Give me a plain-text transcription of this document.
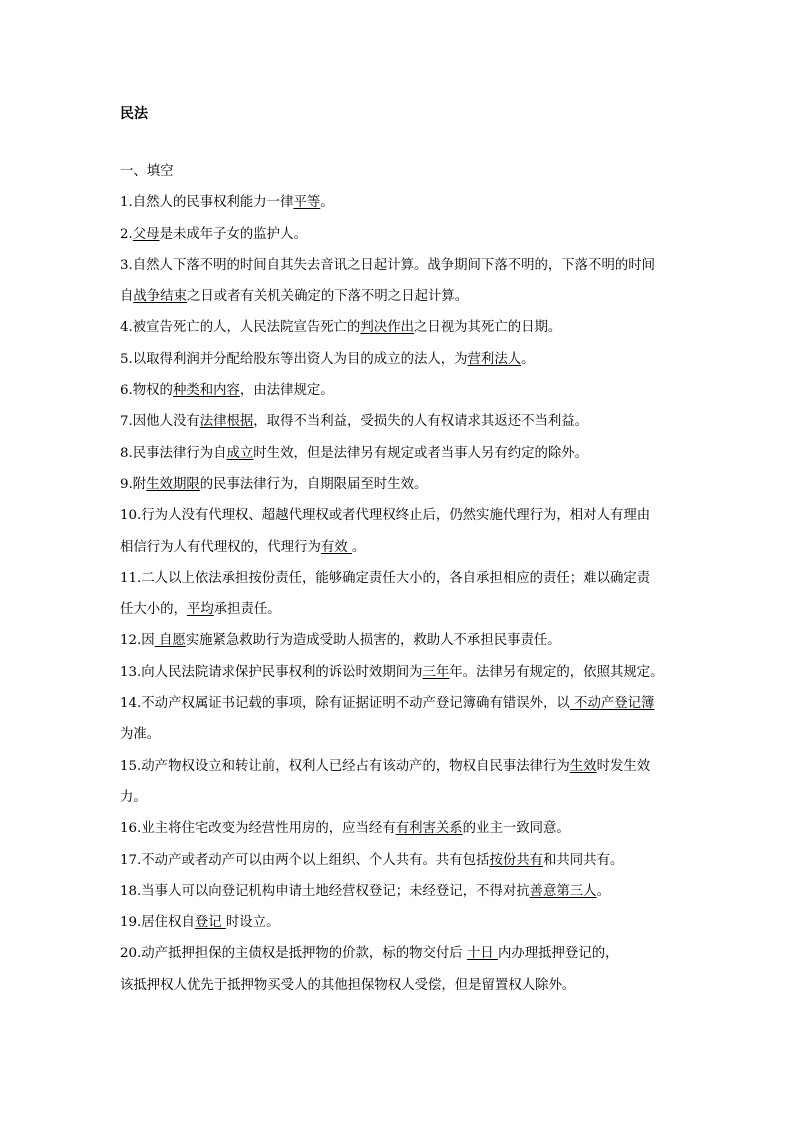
民法

一、填空

1.自然人的民事权利能力一律平等。

2.父母是未成年子女的监护人。

3.自然人下落不明的时间自其失去音讯之日起计算。战争期间下落不明的，下落不明的时间

自战争结束之日或者有关机关确定的下落不明之日起计算。

4.被宣告死亡的人，人民法院宣告死亡的判决作出之日视为其死亡的日期。

5.以取得利润并分配给股东等出资人为目的成立的法人，为营利法人。

6.物权的种类和内容，由法律规定。

7.因他人没有法律根据，取得不当利益，受损失的人有权请求其返还不当利益。

8.民事法律行为自成立时生效，但是法律另有规定或者当事人另有约定的除外。

9.附生效期限的民事法律行为，自期限届至时生效。

10.行为人没有代理权、超越代理权或者代理权终止后，仍然实施代理行为，相对人有理由

相信行为人有代理权的，代理行为有效 。

11.二人以上依法承担按份责任，能够确定责任大小的，各自承担相应的责任；难以确定责

任大小的，平均承担责任。

12.因 自愿实施紧急救助行为造成受助人损害的，救助人不承担民事责任。

13.向人民法院请求保护民事权利的诉讼时效期间为三年年。法律另有规定的，依照其规定。

14.不动产权属证书记载的事项，除有证据证明不动产登记簿确有错误外，以 不动产登记簿

为准。

15.动产物权设立和转让前，权利人已经占有该动产的，物权自民事法律行为生效时发生效

力。

16.业主将住宅改变为经营性用房的，应当经有有利害关系的业主一致同意。

17.不动产或者动产可以由两个以上组织、个人共有。共有包括按份共有和共同共有。

18.当事人可以向登记机构申请土地经营权登记；未经登记，不得对抗善意第三人。

19.居住权自登记 时设立。

20.动产抵押担保的主债权是抵押物的价款，标的物交付后 十日 内办理抵押登记的，

该抵押权人优先于抵押物买受人的其他担保物权人受偿，但是留置权人除外。
